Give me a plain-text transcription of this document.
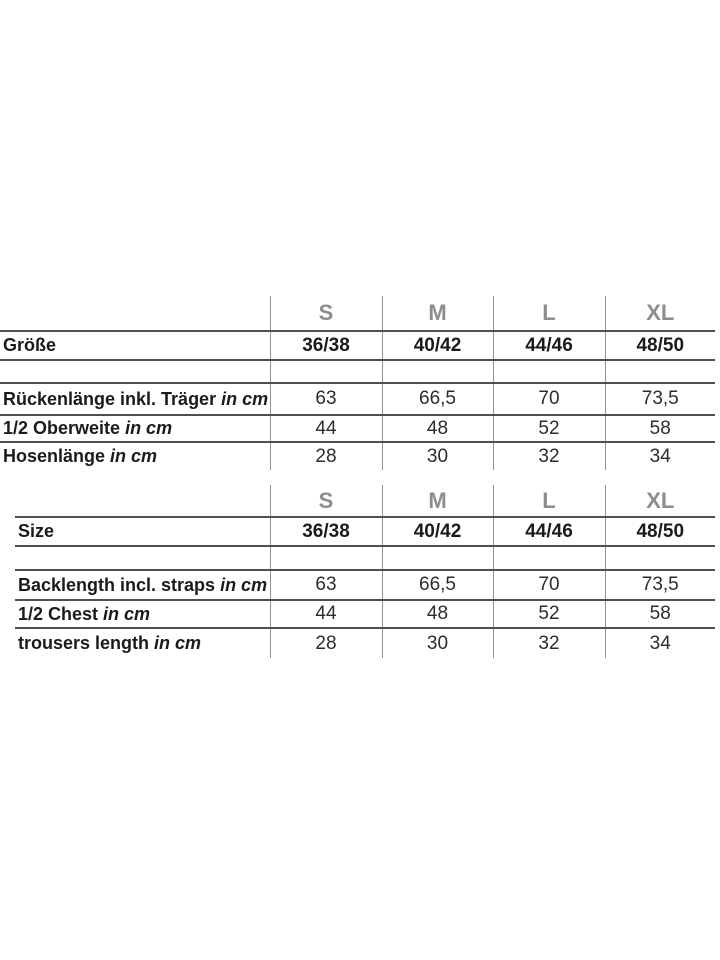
	S	M	L	XL
Größe	36/38	40/42	44/46	48/50

Rückenlänge inkl. Träger in cm	63	66,5	70	73,5
1/2 Oberweite in cm	44	48	52	58
Hosenlänge in cm	28	30	32	34
	S	M	L	XL
Size	36/38	40/42	44/46	48/50

Backlength incl. straps in cm	63	66,5	70	73,5
1/2 Chest in cm	44	48	52	58
trousers length in cm	28	30	32	34
